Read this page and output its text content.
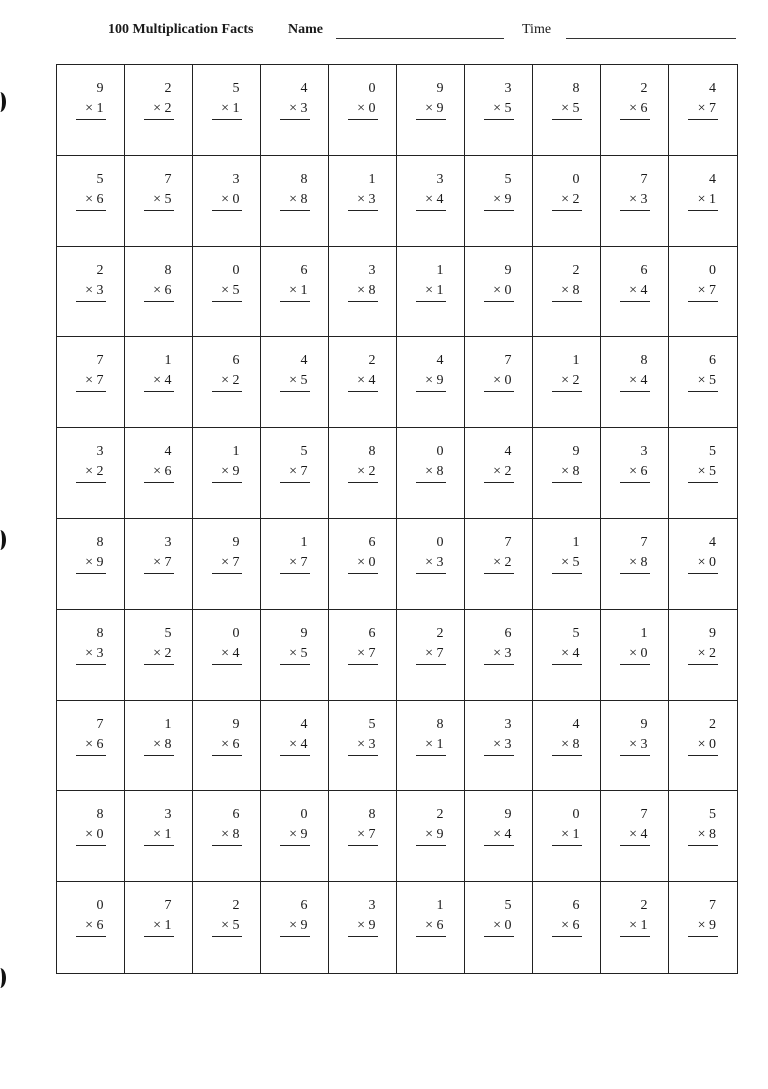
100 Multiplication Facts Name	Time
9
× 1
2
× 2
5
× 1
4
× 3
0
× 0
9
× 9
3
× 5
8
× 5
2
× 6
4
× 7
5
× 6
7
× 5
3
× 0
8
× 8
1
× 3
3
× 4
5
× 9
0
× 2
7
× 3
4
× 1
2
× 3
8
× 6
0
× 5
6
× 1
3
× 8
1
× 1
9
× 0
2
× 8
6
× 4
0
× 7
7
× 7
1
× 4
6
× 2
4
× 5
2
× 4
4
× 9
7
× 0
1
× 2
8
× 4
6
× 5
3
× 2
4
× 6
1
× 9
5
× 7
8
× 2
0
× 8
4
× 2
9
× 8
3
× 6
5
× 5
8
× 9
3
× 7
9
× 7
1
× 7
6
× 0
0
× 3
7
× 2
1
× 5
7
× 8
4
× 0
8
× 3
5
× 2
0
× 4
9
× 5
6
× 7
2
× 7
6
× 3
5
× 4
1
× 0
9
× 2
7
× 6
1
× 8
9
× 6
4
× 4
5
× 3
8
× 1
3
× 3
4
× 8
9
× 3
2
× 0
8
× 0
3
× 1
6
× 8
0
× 9
8
× 7
2
× 9
9
× 4
0
× 1
7
× 4
5
× 8
0
× 6
7
× 1
2
× 5
6
× 9
3
× 9
1
× 6
5
× 0
6
× 6
2
× 1
7
× 9
